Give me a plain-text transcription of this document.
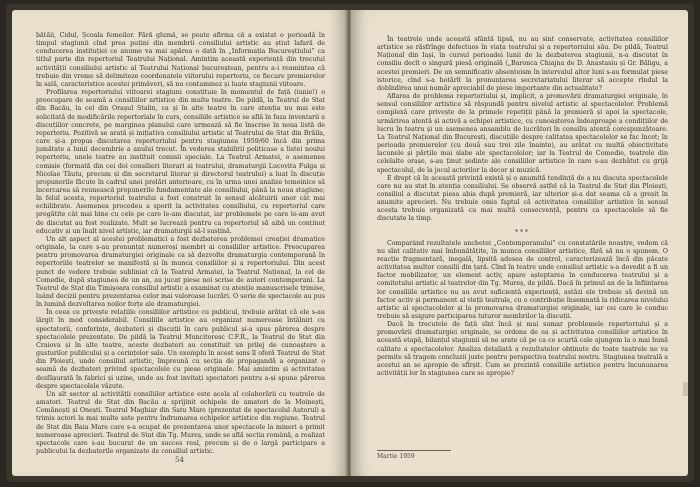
bătăii, Cidul, Școala femeilor. Fără glumă, se poate afirma că a existat o perioadă în timpul stagiunii cînd prea puțini din membrii consiliului artistic au știut lafară de conducerea instituției ce anume va mai apărea o dată în „Informația Bucureștiului” ca titlul parte din repertoriul Teatrului Național. Amintim această experiență din trecutul activității consiliului artistic al Teatrului Național bucureștean, pentru a-i reamintea că trebuie din vreme să delimiteze coordonatele viitorului repertoriu, ce fiecare premierelor în sală, caracteristice acestei primăveri, să nu contaminez și luate stagiunii viitoare.

Profilarea repertoriului viitoarei stagiuni constituie în momentul de față (iunie!) o preocupare de seamă a consiliilor artistice din multe teatre. De pildă, la Teatrul de Stat din Bacău, la cel din Orașul Stalin, ca și în alte teatre în care atenția nu mai este solicitată de modificările repertoriale în curs, consiliile artistice se află în faza inventarii a discuțiilor concrete, pe marginea planului care urmează să fie înscrise în noua listă de repertoriu. Pozitivă se arată și inițiativa consiliului artistic al Teatrului de Stat din Brăila, care și-a propus discutarea repertoriului pentru stagiunea 1959/60 încă din prima jumătate a lunii decembrie a anului trecut. În vederea stabilirii politicase a listei noului repertoriu, unele teatre au instituit comisii speciale. La Teatrul Armatei, o asemenea comisie (formată din cei doi consilieri literari ai teatrului, dramaturgii Lucovita Fulga și Nicolae Tăutu, precum și din secretarul literar și directorul teatrului) a luat în discuție propunerile făcute în cadrul unei prelări anterioare, cu în urma unei analize temeinice să încercarea să reunească propunerile fundamentate ale consiliului, până la noua stagiune; în felul acesta, repertoriul teatrului a fost construit în sensul alcătuirii unor cât mai echilibrate. Asemenea procedeu a sporit la activitatea consiliului, cu repertoriul care pregătite cât mai bine cu cele pe care le-am discutat, iar problemele pe care le-am avut de discutat au fost realizate. Mult se lucrează pentru ca repertoriul să aibă un conținut educativ și un înalt nivel artistic, iar dramaturgii să-l susțină.

Un alt aspect al acestei problematici a fost dezbaterea problemei creației dramatice originale, la care s-au pronunțat numeroși membri ai consiliilor artistice. Preocuparea pentru promovarea dramaturgiei originale ca să dezvolte dramaturgia contemporană în repertoriile teatrelor se manifestă și în munca consiliilor și a repertoriului. Din acest punct de vedere trebuie subliniat că la Teatrul Armatei, la Teatrul Național, la cel de Comedie, după stagiunea de un an, au jucat piese noi scrise de autori contemporani. La Teatrul de Stat din Timișoara consiliul artistic a examinat cu atenție manuscrisele trimise, luând decizii pentru prezentarea celor mai valoroase lucrări. O serie de spectacole au pus în lumină dezvoltarea noilor forțe ale dramaturgiei.

În ceea ce privește relațiile consiliilor artistice cu publicul, trebuie arătat că ele s-au lărgit în mod considerabil. Consiliile artistice au organizat numeroase întâlniri cu spectatorii, conferințe, dezbateri și discuții în care publicul și-a spus părerea despre spectacolele prezentate. De pildă la Teatrul Muncitoresc C.F.R., la Teatrul de Stat din Craiova și în alte teatre, aceste dezbateri au constituit un prilej de cunoaștere a gusturilor publicului și a cerințelor sale. Un exemplu în acest sens îl oferă Teatrul de Stat din Ploiești, unde consiliul artistic, împreună cu secția de propagandă a organizat o seamă de dezbateri privind spectacolele cu piese originale. Mai amintim și activitatea desfășurată în fabrici și uzine, unde au fost invitați spectatori pentru a-și spune părerea despre spectacolele văzute.

Un alt sector al activității consiliilor artistice este acela al colaborării cu teatrele de amatori. Teatrul de Stat din Bacău a sprijinit echipele de amatori de la Moinești, Comănești și Onești. Teatrul Maghiar din Satu Mare (prezentat de spectacolul Autorul) a trimis actori la mai multe sate pentru îndrumarea echipelor artistice din regiune. Teatrul de Stat din Baia Mare care s-a ocupat de prezentarea unor spectacole la mineri a primit numeroase aprecieri. Teatrul de Stat din Tg. Mureș, unde se află secția română, a realizat spectacole care s-au bucurat de un succes real, precum și de o largă participare a publicului la dezbaterile organizate de consiliul artistic.

54

În teatrele unde această sfântă lipsă, nu au sint conservate, activitatea consiliilor artistice se răsfrînge defectuos în viața teatrului și a repertoriului său. De pildă, Teatrul Național din Iași, în cursul perioadei lunii de la dezbaterea stagiunii, n-a discutat în consiliu decît o singură piesă originală („Baronca Chiajna de D. Anastasiu și Gr. Băligu, a acestei premieri. De un semnificativ absenteism în intervalul altor luni s-au formulat piese istorice, cînd s-a hotărît la pronunțarea secretariatului literar să accepte rîndul la dobîndirea unui număr apreciabil de piese importante din actualitate?

Aflarea de problema repertoriului și, implicit, a promovării dramaturgiei originale, în sensul consiliilor artistice să răspundă pentru nivelul artistic al spectacolelor. Problemă complexă care privește de la primele repetiții până la premieră și apoi la spectacole, urmărirea atentă și activă a echipei artistice, cu cunoașterea îndeaproape a condițiilor de lucru în teatru și un asemenea ansamblu de lucrători în consiliu atentă corespunzătoare. La Teatrul Național din București, discuțiile despre calitatea spectacolelor se fac încet; în perioada premierelor (cu două sau trei zile înainte), au arătat cu multă obiectivitate lacunele și părțile mai slabe ale spectacolelor; iar la Teatrul de Comedie, teatrele din celelalte orașe, s-au ținut ședințe ale consiliilor artistice în care s-au dezbătut cu grijă spectacolul, de la jocul actorilor la decor și muzică.

E drept că în această privință există și o anumită tendință de a nu discuta spectacolele care nu au stat în atenția consiliului. Se observă astfel că la Teatrul de Stat din Ploiești, consiliul a discutat piesa abia după premieră, iar ulterior și-a dat seama că a greșit în anumite aprecieri. Nu trebuie omis faptul că activitatea consiliilor artistice în sensul acesta trebuie organizată cu mai multă consecvență, pentru ca spectacolele să fie discutate la timp.

***

Comparând rezultatele anchetei „Contemporanului” cu constatările noastre, vedem că nu sînt calitativ mai îmbunătățite, în munca consiliilor artistice, fără să nu o spunem. O reacție fragmentară, inegală, lipsită adesea de control, caracterizează încă din păcate activitatea multor consilii din țară. Cînd în teatre unde consiliul artistic s-a dovedit a fi un factor mobilizator, un element activ, apare așteptarea în conducerea teatrului și a comitetului artistic al teatrelor din Tg. Mureș, de pildă. Dacă în primul an de la înființarea lor consiliile artistice nu au avut suficientă experiență, astăzi ele trebuie să devină un factor activ și permanent al vieții teatrale, cu o contribuție însemnată la ridicarea nivelului artistic al spectacolelor și la promovarea dramaturgiei originale, iar cei care le conduc trebuie să asigure participarea tuturor membrilor la discuții.

Dacă în trecutele de față sînt încă și mai sumar problemele repertoriului și a promovării dramaturgiei originale, se ordona de ea și activitatea consiliilor artistice în această etapă, bilanțul stagiunii să ne arate că pe ca ce scurtă cale ajungem la o mai bună calitate a spectacolelor. Analiza detaliată a rezultatelor obținute de toate teatrele ne va permite să tragem concluzii juste pentru perspectiva teatrului nostru. Stagiunea teatrală a acestui an se apropie de sfîrșit. Cum se prezintă consiliile artistice pentru încununarea activității lor în stagiunea care se apropie?

Martie 1959
